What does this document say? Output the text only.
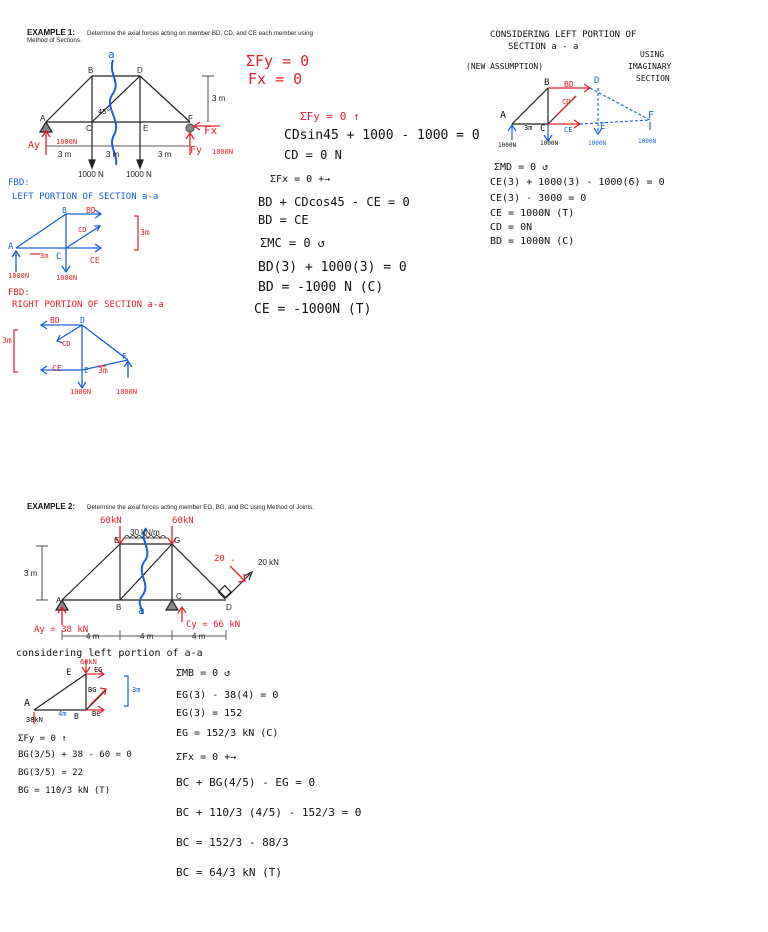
EXAMPLE 1: Determine the axial forces acting on member BD, CD, and CE each member using
Method of Sections.
B	D
A
C	E
F
3 m
3 m	3 m	3 m
1000 N	1000 N
a
45°
Ay 1000N
Fy 1000N
Fx
ΣFy = 0
Fx = 0
FBD:
LEFT PORTION OF SECTION a-a
B BD
A
C
CD
CE
3m
3m
1000N
1000N
FBD:
RIGHT PORTION OF SECTION a-a
BD	D
CD
3m
CE	E
F
3m
1000N	1000N
ΣFy = 0 ↑
CDsin45 + 1000 - 1000 = 0
CD = 0 N
ΣFx = 0 +→
BD + CDcos45 - CE = 0
BD = CE
ΣMC = 0 ↺
BD(3) + 1000(3) = 0
BD = -1000 N (C)
CE = -1000N (T)
CONSIDERING LEFT PORTION OF
SECTION a - a
(NEW ASSUMPTION)
USING
IMAGINARY
SECTION
B BD D
A
CD
C
3m	CE	E
F
1000N	1000N	1000N	1000N
ΣMD = 0 ↺
CE(3) + 1000(3) - 1000(6) = 0
CE(3) - 3000 = 0
CE = 1000N (T)
CD = 0N
BD = 1000N (C)
EXAMPLE 2: Determine the axial forces acting member EG, BG, and BC using Method of Joints.
A
B
C
D
E	G
30 kN/m
3 m
4 m	4 m	4 m
20 kN
20 .
60kN	60kN
a
Ay = 38 kN	Cy = 66 kN
considering left portion of a-a
60kN
E	EG
BG	3m
A
4m B BC
38kN
ΣFy = 0 ↑
BG(3/5) + 38 - 60 = 0
BG(3/5) = 22
BG = 110/3 kN (T)
ΣMB = 0 ↺
EG(3) - 38(4) = 0
EG(3) = 152
EG = 152/3 kN (C)
ΣFx = 0 +→
BC + BG(4/5) - EG = 0
BC + 110/3 (4/5) - 152/3 = 0
BC = 152/3 - 88/3
BC = 64/3 kN (T)
